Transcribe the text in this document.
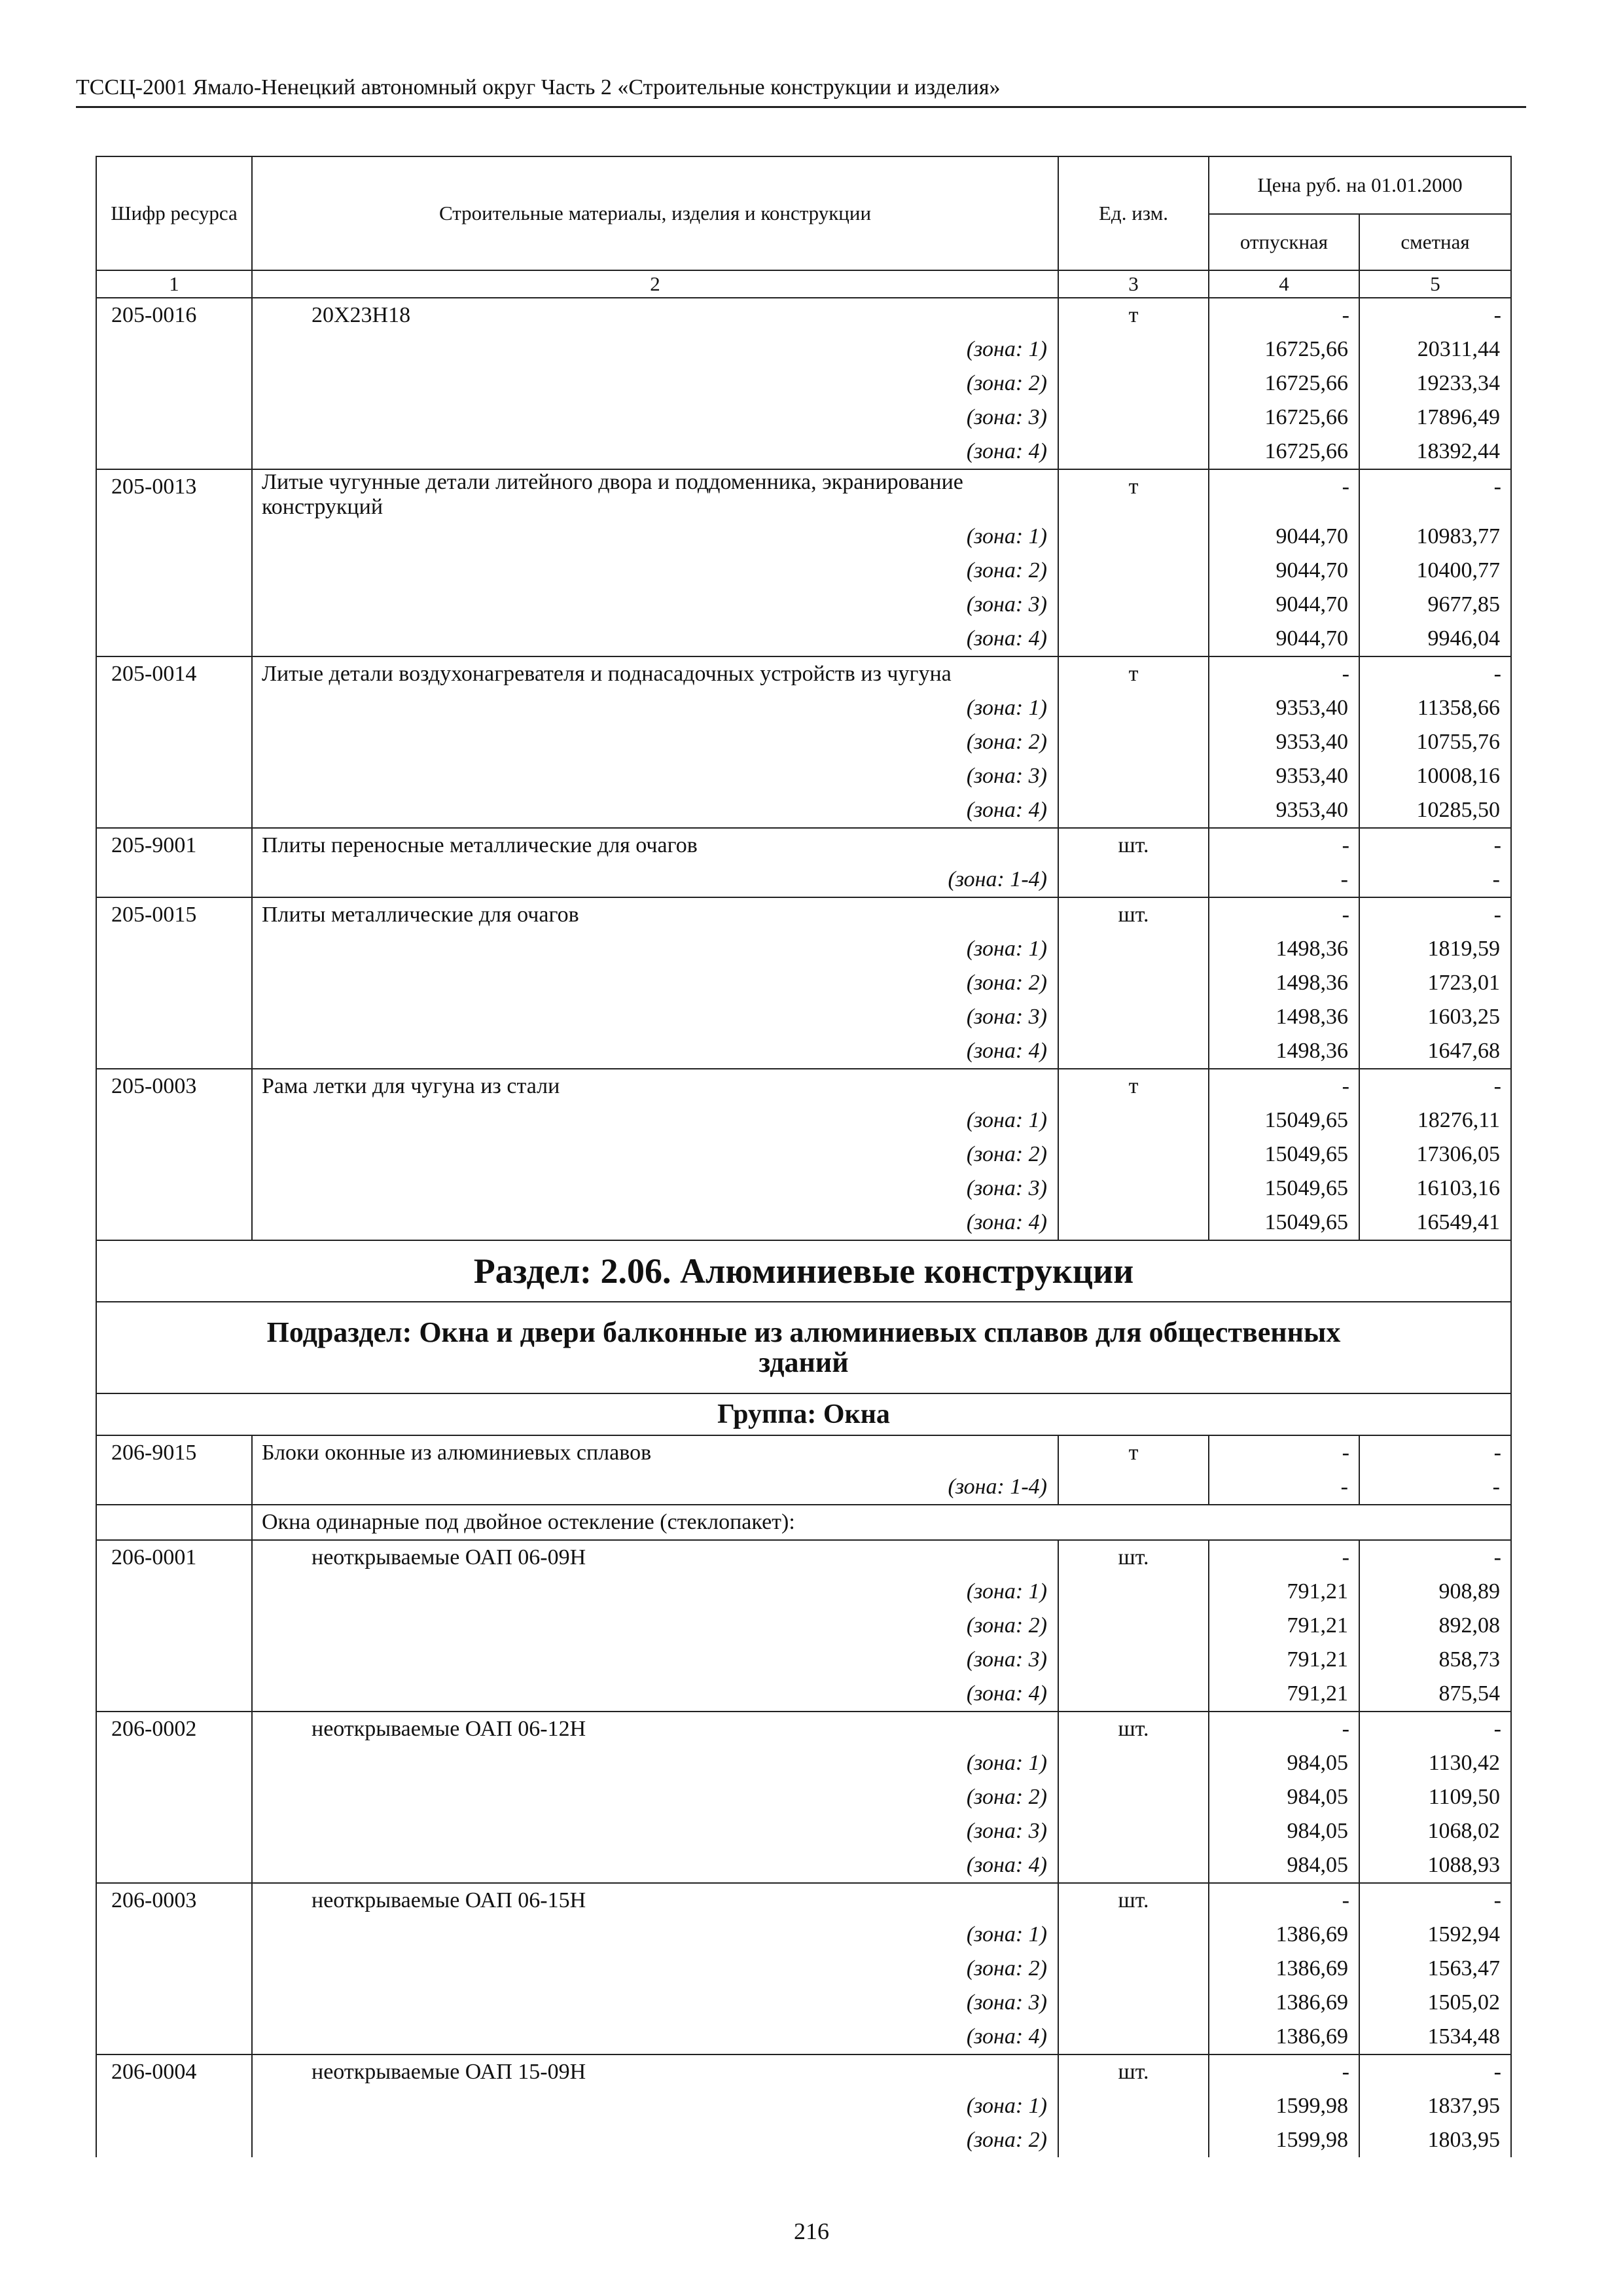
ТССЦ-2001 Ямало-Ненецкий автономный округ Часть 2 «Строительные конструкции и изделия»
Шифр ресурса	Строительные материалы, изделия и конструкции	Ед. изм.	Цена руб. на 01.01.2000	
			отпускная	сметная
1	2	3	4	5
205-0016	20Х23Н18	т	-	-
	(зона: 1)		16725,66	20311,44
	(зона: 2)		16725,66	19233,34
	(зона: 3)		16725,66	17896,49
	(зона: 4)		16725,66	18392,44
205-0013	Литые чугунные детали литейного двора и поддоменника, экранирование конструкций	т	-	-
	(зона: 1)		9044,70	10983,77
	(зона: 2)		9044,70	10400,77
	(зона: 3)		9044,70	9677,85
	(зона: 4)		9044,70	9946,04
205-0014	Литые детали воздухонагревателя и поднасадочных устройств из чугуна	т	-	-
	(зона: 1)		9353,40	11358,66
	(зона: 2)		9353,40	10755,76
	(зона: 3)		9353,40	10008,16
	(зона: 4)		9353,40	10285,50
205-9001	Плиты переносные металлические для очагов	шт.	-	-
	(зона: 1-4)		-	-
205-0015	Плиты металлические для очагов	шт.	-	-
	(зона: 1)		1498,36	1819,59
	(зона: 2)		1498,36	1723,01
	(зона: 3)		1498,36	1603,25
	(зона: 4)		1498,36	1647,68
205-0003	Рама летки для чугуна из стали	т	-	-
	(зона: 1)		15049,65	18276,11
	(зона: 2)		15049,65	17306,05
	(зона: 3)		15049,65	16103,16
	(зона: 4)		15049,65	16549,41
Раздел: 2.06. Алюминиевые конструкции				
Подраздел: Окна и двери балконные из алюминиевых сплавов для общественных зданий				
Группа: Окна				
206-9015	Блоки оконные из алюминиевых сплавов	т	-	-
	(зона: 1-4)		-	-
	Окна одинарные под двойное остекление (стеклопакет):			
206-0001	неоткрываемые ОАП 06-09Н	шт.	-	-
	(зона: 1)		791,21	908,89
	(зона: 2)		791,21	892,08
	(зона: 3)		791,21	858,73
	(зона: 4)		791,21	875,54
206-0002	неоткрываемые ОАП 06-12Н	шт.	-	-
	(зона: 1)		984,05	1130,42
	(зона: 2)		984,05	1109,50
	(зона: 3)		984,05	1068,02
	(зона: 4)		984,05	1088,93
206-0003	неоткрываемые ОАП 06-15Н	шт.	-	-
	(зона: 1)		1386,69	1592,94
	(зона: 2)		1386,69	1563,47
	(зона: 3)		1386,69	1505,02
	(зона: 4)		1386,69	1534,48
206-0004	неоткрываемые ОАП 15-09Н	шт.	-	-
	(зона: 1)		1599,98	1837,95
	(зона: 2)		1599,98	1803,95
216
